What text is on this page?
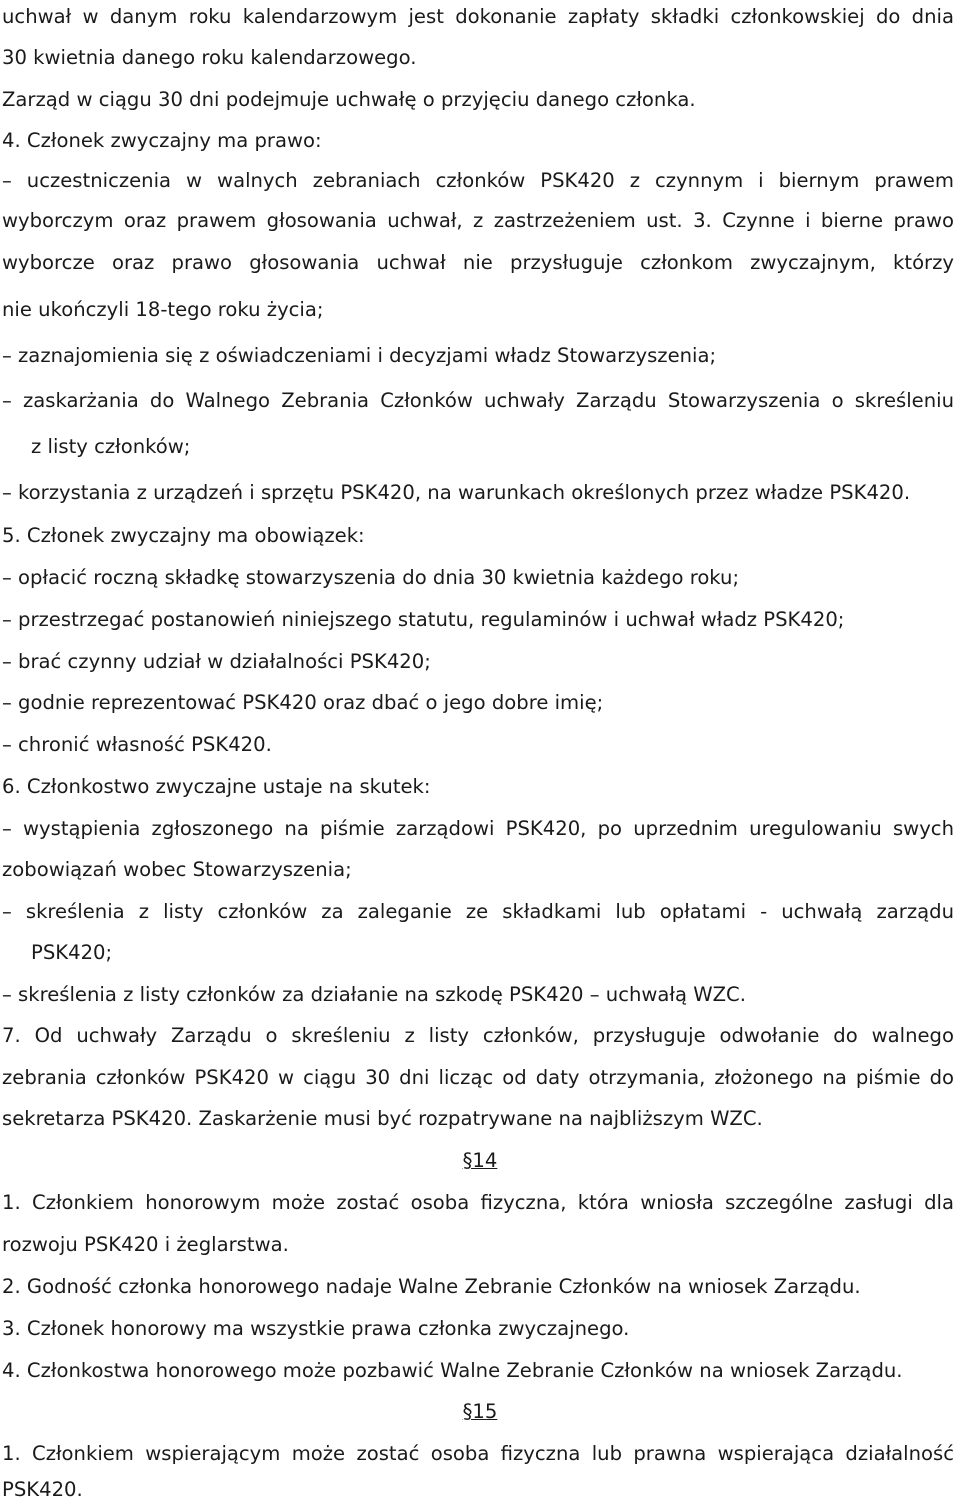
uchwał w danym roku kalendarzowym jest dokonanie zapłaty składki członkowskiej do dnia
30 kwietnia danego roku kalendarzowego.
Zarząd w ciągu 30 dni podejmuje uchwałę o przyjęciu danego członka.
4. Członek zwyczajny ma prawo:
– uczestniczenia w walnych zebraniach członków PSK420 z czynnym i biernym prawem
wyborczym oraz prawem głosowania uchwał, z zastrzeżeniem ust. 3. Czynne i bierne prawo
wyborcze oraz prawo głosowania uchwał nie przysługuje członkom zwyczajnym, którzy
nie ukończyli 18-tego roku życia;
– zaznajomienia się z oświadczeniami i decyzjami władz Stowarzyszenia;
– zaskarżania do Walnego Zebrania Członków uchwały Zarządu Stowarzyszenia o skreśleniu
z listy członków;
– korzystania z urządzeń i sprzętu PSK420, na warunkach określonych przez władze PSK420.
5. Członek zwyczajny ma obowiązek:
– opłacić roczną składkę stowarzyszenia do dnia 30 kwietnia każdego roku;
– przestrzegać postanowień niniejszego statutu, regulaminów i uchwał władz PSK420;
– brać czynny udział w działalności PSK420;
– godnie reprezentować PSK420 oraz dbać o jego dobre imię;
– chronić własność PSK420.
6. Członkostwo zwyczajne ustaje na skutek:
– wystąpienia zgłoszonego na piśmie zarządowi PSK420, po uprzednim uregulowaniu swych
zobowiązań wobec Stowarzyszenia;
– skreślenia z listy członków za zaleganie ze składkami lub opłatami - uchwałą zarządu
PSK420;
– skreślenia z listy członków za działanie na szkodę PSK420 – uchwałą WZC.
7. Od uchwały Zarządu o skreśleniu z listy członków, przysługuje odwołanie do walnego
zebrania członków PSK420 w ciągu 30 dni licząc od daty otrzymania, złożonego na piśmie do
sekretarza PSK420. Zaskarżenie musi być rozpatrywane na najbliższym WZC.
§14
1. Członkiem honorowym może zostać osoba fizyczna, która wniosła szczególne zasługi dla
rozwoju PSK420 i żeglarstwa.
2. Godność członka honorowego nadaje Walne Zebranie Członków na wniosek Zarządu.
3. Członek honorowy ma wszystkie prawa członka zwyczajnego.
4. Członkostwa honorowego może pozbawić Walne Zebranie Członków na wniosek Zarządu.
§15
1. Członkiem wspierającym może zostać osoba fizyczna lub prawna wspierająca działalność
PSK420.
